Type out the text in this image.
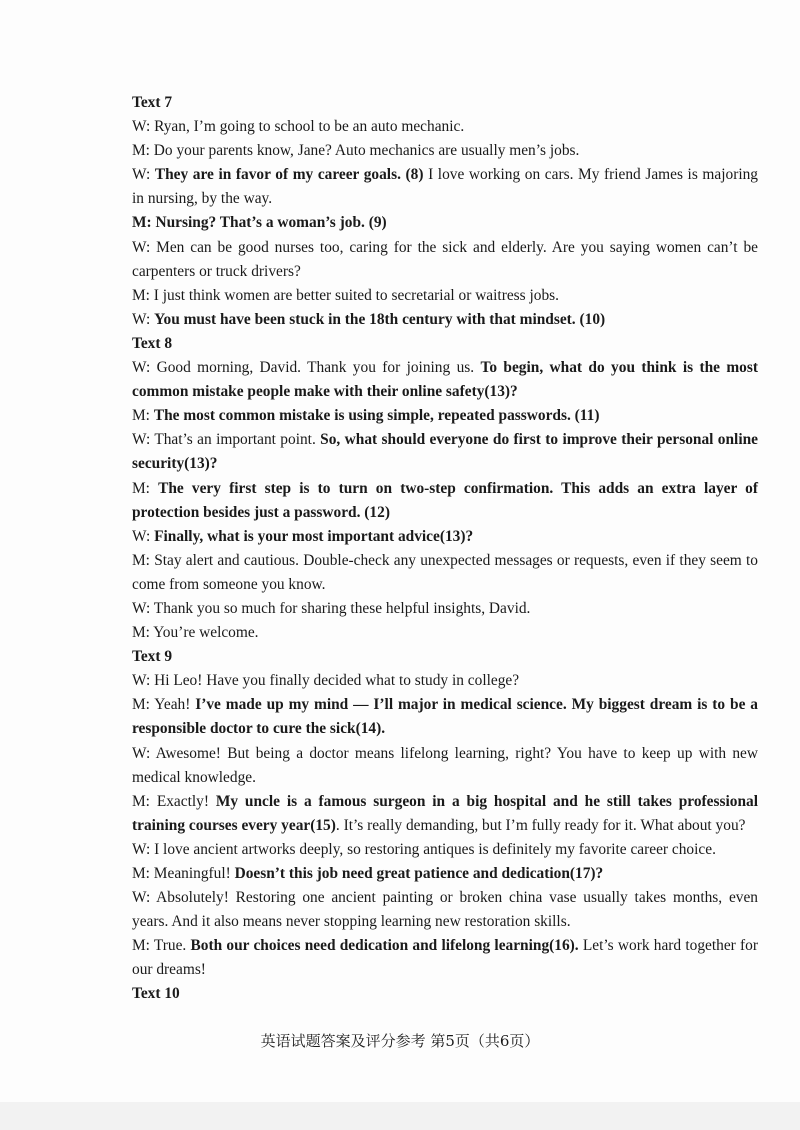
Text 7

W: Ryan, I’m going to school to be an auto mechanic.

M: Do your parents know, Jane? Auto mechanics are usually men’s jobs.

W: They are in favor of my career goals. (8) I love working on cars. My friend James is majoring in nursing, by the way.

M: Nursing? That’s a woman’s job. (9)

W: Men can be good nurses too, caring for the sick and elderly. Are you saying women can’t be carpenters or truck drivers?

M: I just think women are better suited to secretarial or waitress jobs.

W: You must have been stuck in the 18th century with that mindset. (10)

Text 8

W: Good morning, David. Thank you for joining us. To begin, what do you think is the most common mistake people make with their online safety(13)?

M: The most common mistake is using simple, repeated passwords. (11)

W: That’s an important point. So, what should everyone do first to improve their personal online security(13)?

M: The very first step is to turn on two-step confirmation. This adds an extra layer of protection besides just a password. (12)

W: Finally, what is your most important advice(13)?

M: Stay alert and cautious. Double-check any unexpected messages or requests, even if they seem to come from someone you know.

W: Thank you so much for sharing these helpful insights, David.

M: You’re welcome.

Text 9

W: Hi Leo! Have you finally decided what to study in college?

M: Yeah! I’ve made up my mind — I’ll major in medical science. My biggest dream is to be a responsible doctor to cure the sick(14).

W: Awesome! But being a doctor means lifelong learning, right? You have to keep up with new medical knowledge.

M: Exactly! My uncle is a famous surgeon in a big hospital and he still takes professional training courses every year(15). It’s really demanding, but I’m fully ready for it. What about you?

W: I love ancient artworks deeply, so restoring antiques is definitely my favorite career choice.

M: Meaningful! Doesn’t this job need great patience and dedication(17)?

W: Absolutely! Restoring one ancient painting or broken china vase usually takes months, even years. And it also means never stopping learning new restoration skills.

M: True. Both our choices need dedication and lifelong learning(16). Let’s work hard together for our dreams!

Text 10
英语试题答案及评分参考 第5页（共6页）
